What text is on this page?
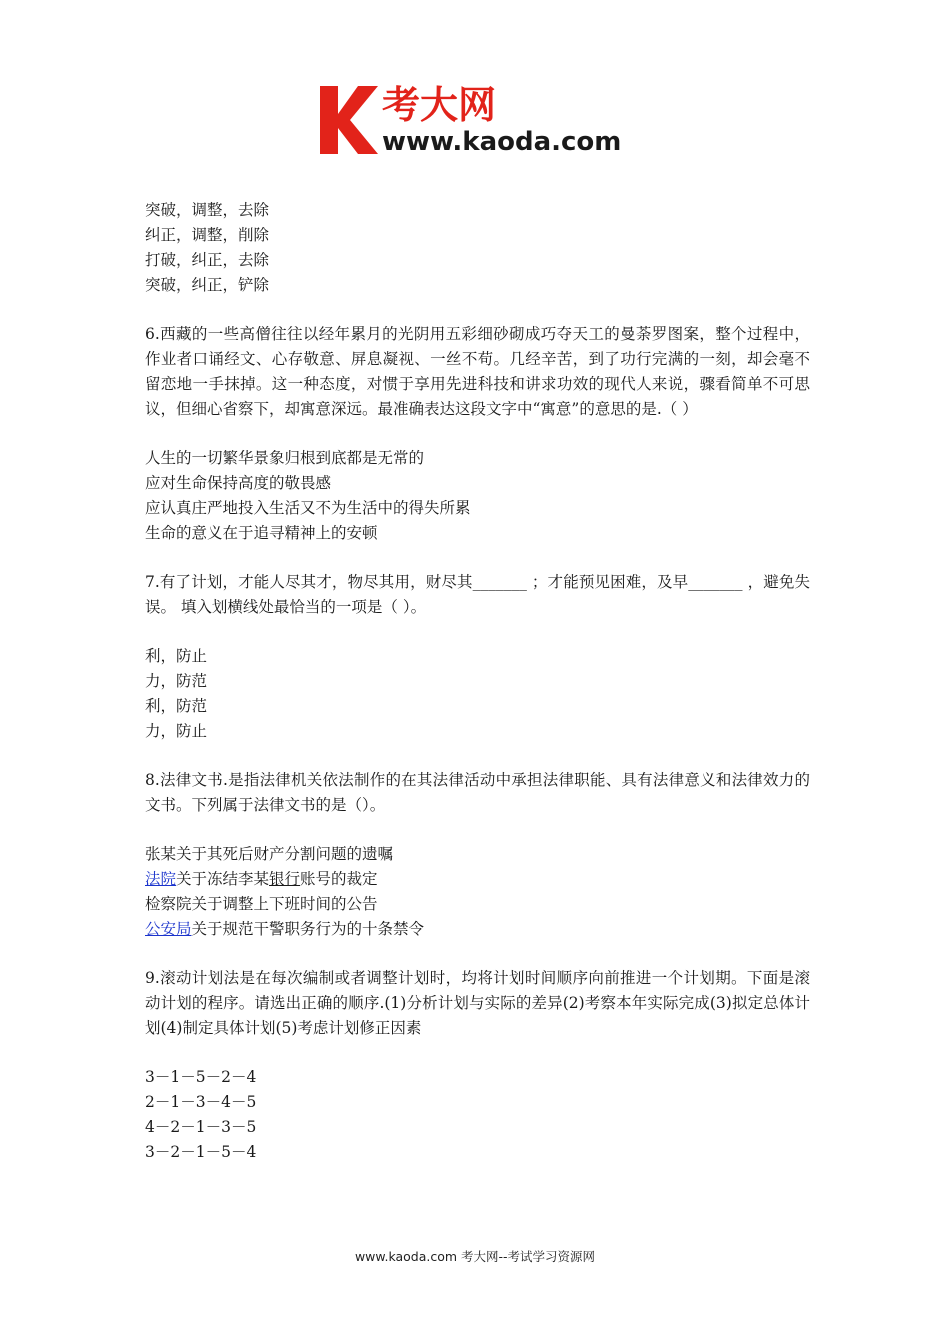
考大网
www.kaoda.com

突破，调整，去除

纠正，调整，削除

打破，纠正，去除

突破，纠正，铲除

6.西藏的一些高僧往往以经年累月的光阴用五彩细砂砌成巧夺天工的曼荼罗图案，整个过程中，作业者口诵经文、心存敬意、屏息凝视、一丝不苟。几经辛苦，到了功行完满的一刻，却会毫不留恋地一手抹掉。这一种态度，对惯于享用先进科技和讲求功效的现代人来说，骤看简单不可思议，但细心省察下，却寓意深远。最准确表达这段文字中“寓意”的意思的是.（ ）

人生的一切繁华景象归根到底都是无常的

应对生命保持高度的敬畏感

应认真庄严地投入生活又不为生活中的得失所累

生命的意义在于追寻精神上的安顿

7.有了计划，才能人尽其才，物尽其用，财尽其_______ ；才能预见困难，及早_______ ，避免失误。 填入划横线处最恰当的一项是（ ）。

利，防止

力，防范

利，防范

力，防止

8.法律文书.是指法律机关依法制作的在其法律活动中承担法律职能、具有法律意义和法律效力的文书。下列属于法律文书的是（）。

张某关于其死后财产分割问题的遗嘱

法院关于冻结李某银行账号的裁定

检察院关于调整上下班时间的公告

公安局关于规范干警职务行为的十条禁令

9.滚动计划法是在每次编制或者调整计划时，均将计划时间顺序向前推进一个计划期。下面是滚动计划的程序。请选出正确的顺序.(1)分析计划与实际的差异(2)考察本年实际完成(3)拟定总体计划(4)制定具体计划(5)考虑计划修正因素

3－1－5－2－4

2－1－3－4－5

4－2－1－3－5

3－2－1－5－4

www.kaoda.com 考大网--考试学习资源网
